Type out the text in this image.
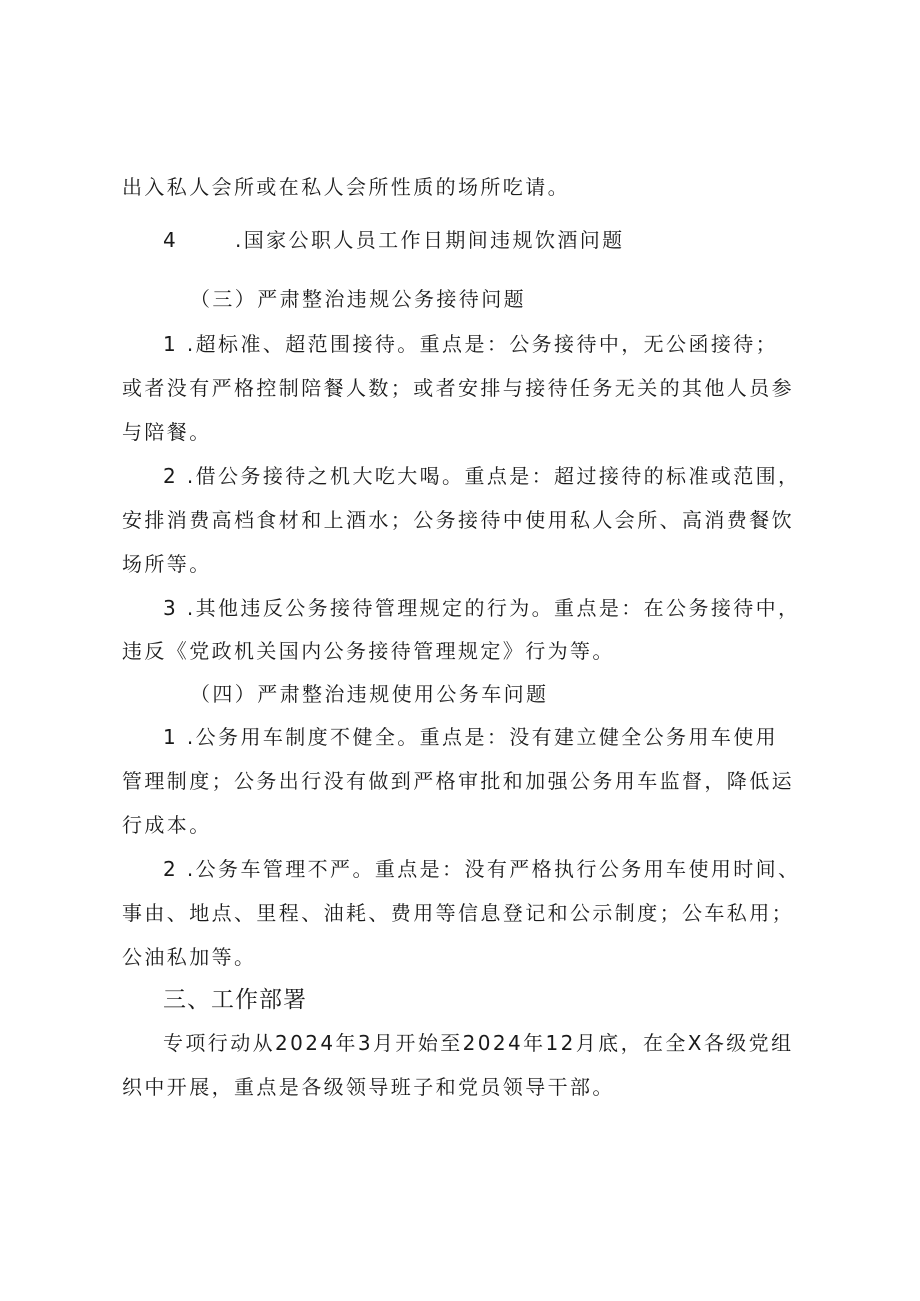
出入私人会所或在私人会所性质的场所吃请。
4	.国家公职人员工作日期间违规饮酒问题
（三）严肃整治违规公务接待问题
1 .超标准、超范围接待。重点是：公务接待中，无公函接待；
或者没有严格控制陪餐人数；或者安排与接待任务无关的其他人员参
与陪餐。
2 .借公务接待之机大吃大喝。重点是：超过接待的标准或范围，
安排消费高档食材和上酒水；公务接待中使用私人会所、高消费餐饮
场所等。
3 .其他违反公务接待管理规定的行为。重点是：在公务接待中，
违反《党政机关国内公务接待管理规定》行为等。
（四）严肃整治违规使用公务车问题
1 .公务用车制度不健全。重点是：没有建立健全公务用车使用
管理制度；公务出行没有做到严格审批和加强公务用车监督，降低运
行成本。
2 .公务车管理不严。重点是：没有严格执行公务用车使用时间、
事由、地点、里程、油耗、费用等信息登记和公示制度；公车私用；
公油私加等。
三、工作部署
专项行动从2024年3月开始至2024年12月底，在全X各级党组
织中开展，重点是各级领导班子和党员领导干部。
